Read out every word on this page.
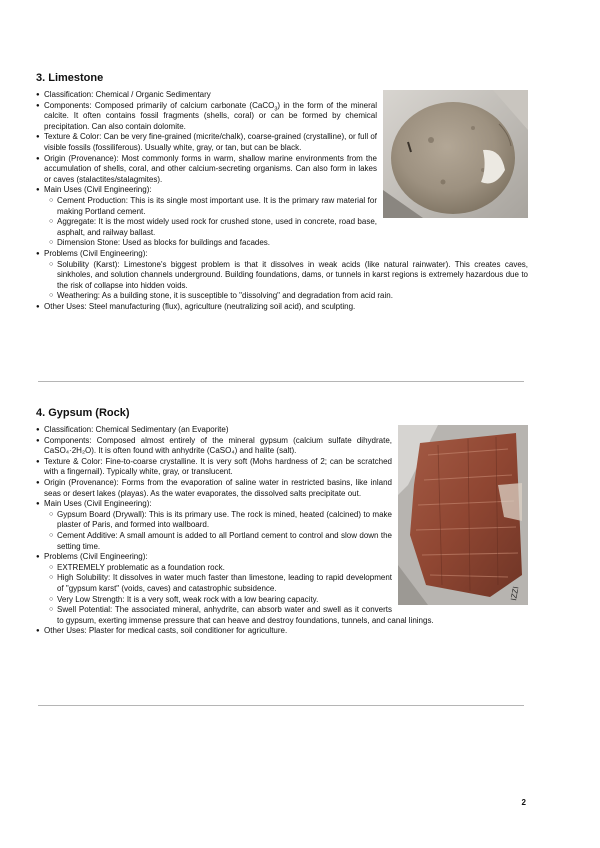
3. Limestone
● Classification: Chemical / Organic Sedimentary
● Components: Composed primarily of calcium carbonate (CaCO$_3$) in the form of the mineral calcite. It often contains fossil fragments (shells, coral) or can be formed by chemical precipitation. Can also contain dolomite.
● Texture & Color: Can be very fine-grained (micrite/chalk), coarse-grained (crystalline), or full of visible fossils (fossiliferous). Usually white, gray, or tan, but can be black.
● Origin (Provenance): Most commonly forms in warm, shallow marine environments from the accumulation of shells, coral, and other calcium-secreting organisms. Can also form in lakes or caves (stalactites/stalagmites).
● Main Uses (Civil Engineering):
○ Cement Production: This is its single most important use. It is the primary raw material for making Portland cement.
○ Aggregate: It is the most widely used rock for crushed stone, used in concrete, road base, asphalt, and railway ballast.
○ Dimension Stone: Used as blocks for buildings and facades.
● Problems (Civil Engineering):
○ Solubility (Karst): Limestone's biggest problem is that it dissolves in weak acids (like natural rainwater). This creates caves, sinkholes, and solution channels underground. Building foundations, dams, or tunnels in karst regions is extremely hazardous due to the risk of collapse into hidden voids.
○ Weathering: As a building stone, it is susceptible to "dissolving" and degradation from acid rain.
● Other Uses: Steel manufacturing (flux), agriculture (neutralizing soil acid), and sculpting.
4. Gypsum (Rock)
IZZI
● Classification: Chemical Sedimentary (an Evaporite)
● Components: Composed almost entirely of the mineral gypsum (calcium sulfate dihydrate, CaSO₄·2H₂O). It is often found with anhydrite (CaSO₄) and halite (salt).
● Texture & Color: Fine-to-coarse crystalline. It is very soft (Mohs hardness of 2; can be scratched with a fingernail). Typically white, gray, or translucent.
● Origin (Provenance): Forms from the evaporation of saline water in restricted basins, like inland seas or desert lakes (playas). As the water evaporates, the dissolved salts precipitate out.
● Main Uses (Civil Engineering):
○ Gypsum Board (Drywall): This is its primary use. The rock is mined, heated (calcined) to make plaster of Paris, and formed into wallboard.
○ Cement Additive: A small amount is added to all Portland cement to control and slow down the setting time.
● Problems (Civil Engineering):
○ EXTREMELY problematic as a foundation rock.
○ High Solubility: It dissolves in water much faster than limestone, leading to rapid development of "gypsum karst" (voids, caves) and catastrophic subsidence.
○ Very Low Strength: It is a very soft, weak rock with a low bearing capacity.
○ Swell Potential: The associated mineral, anhydrite, can absorb water and swell as it converts to gypsum, exerting immense pressure that can heave and destroy foundations, tunnels, and canal linings.
● Other Uses: Plaster for medical casts, soil conditioner for agriculture.
2
